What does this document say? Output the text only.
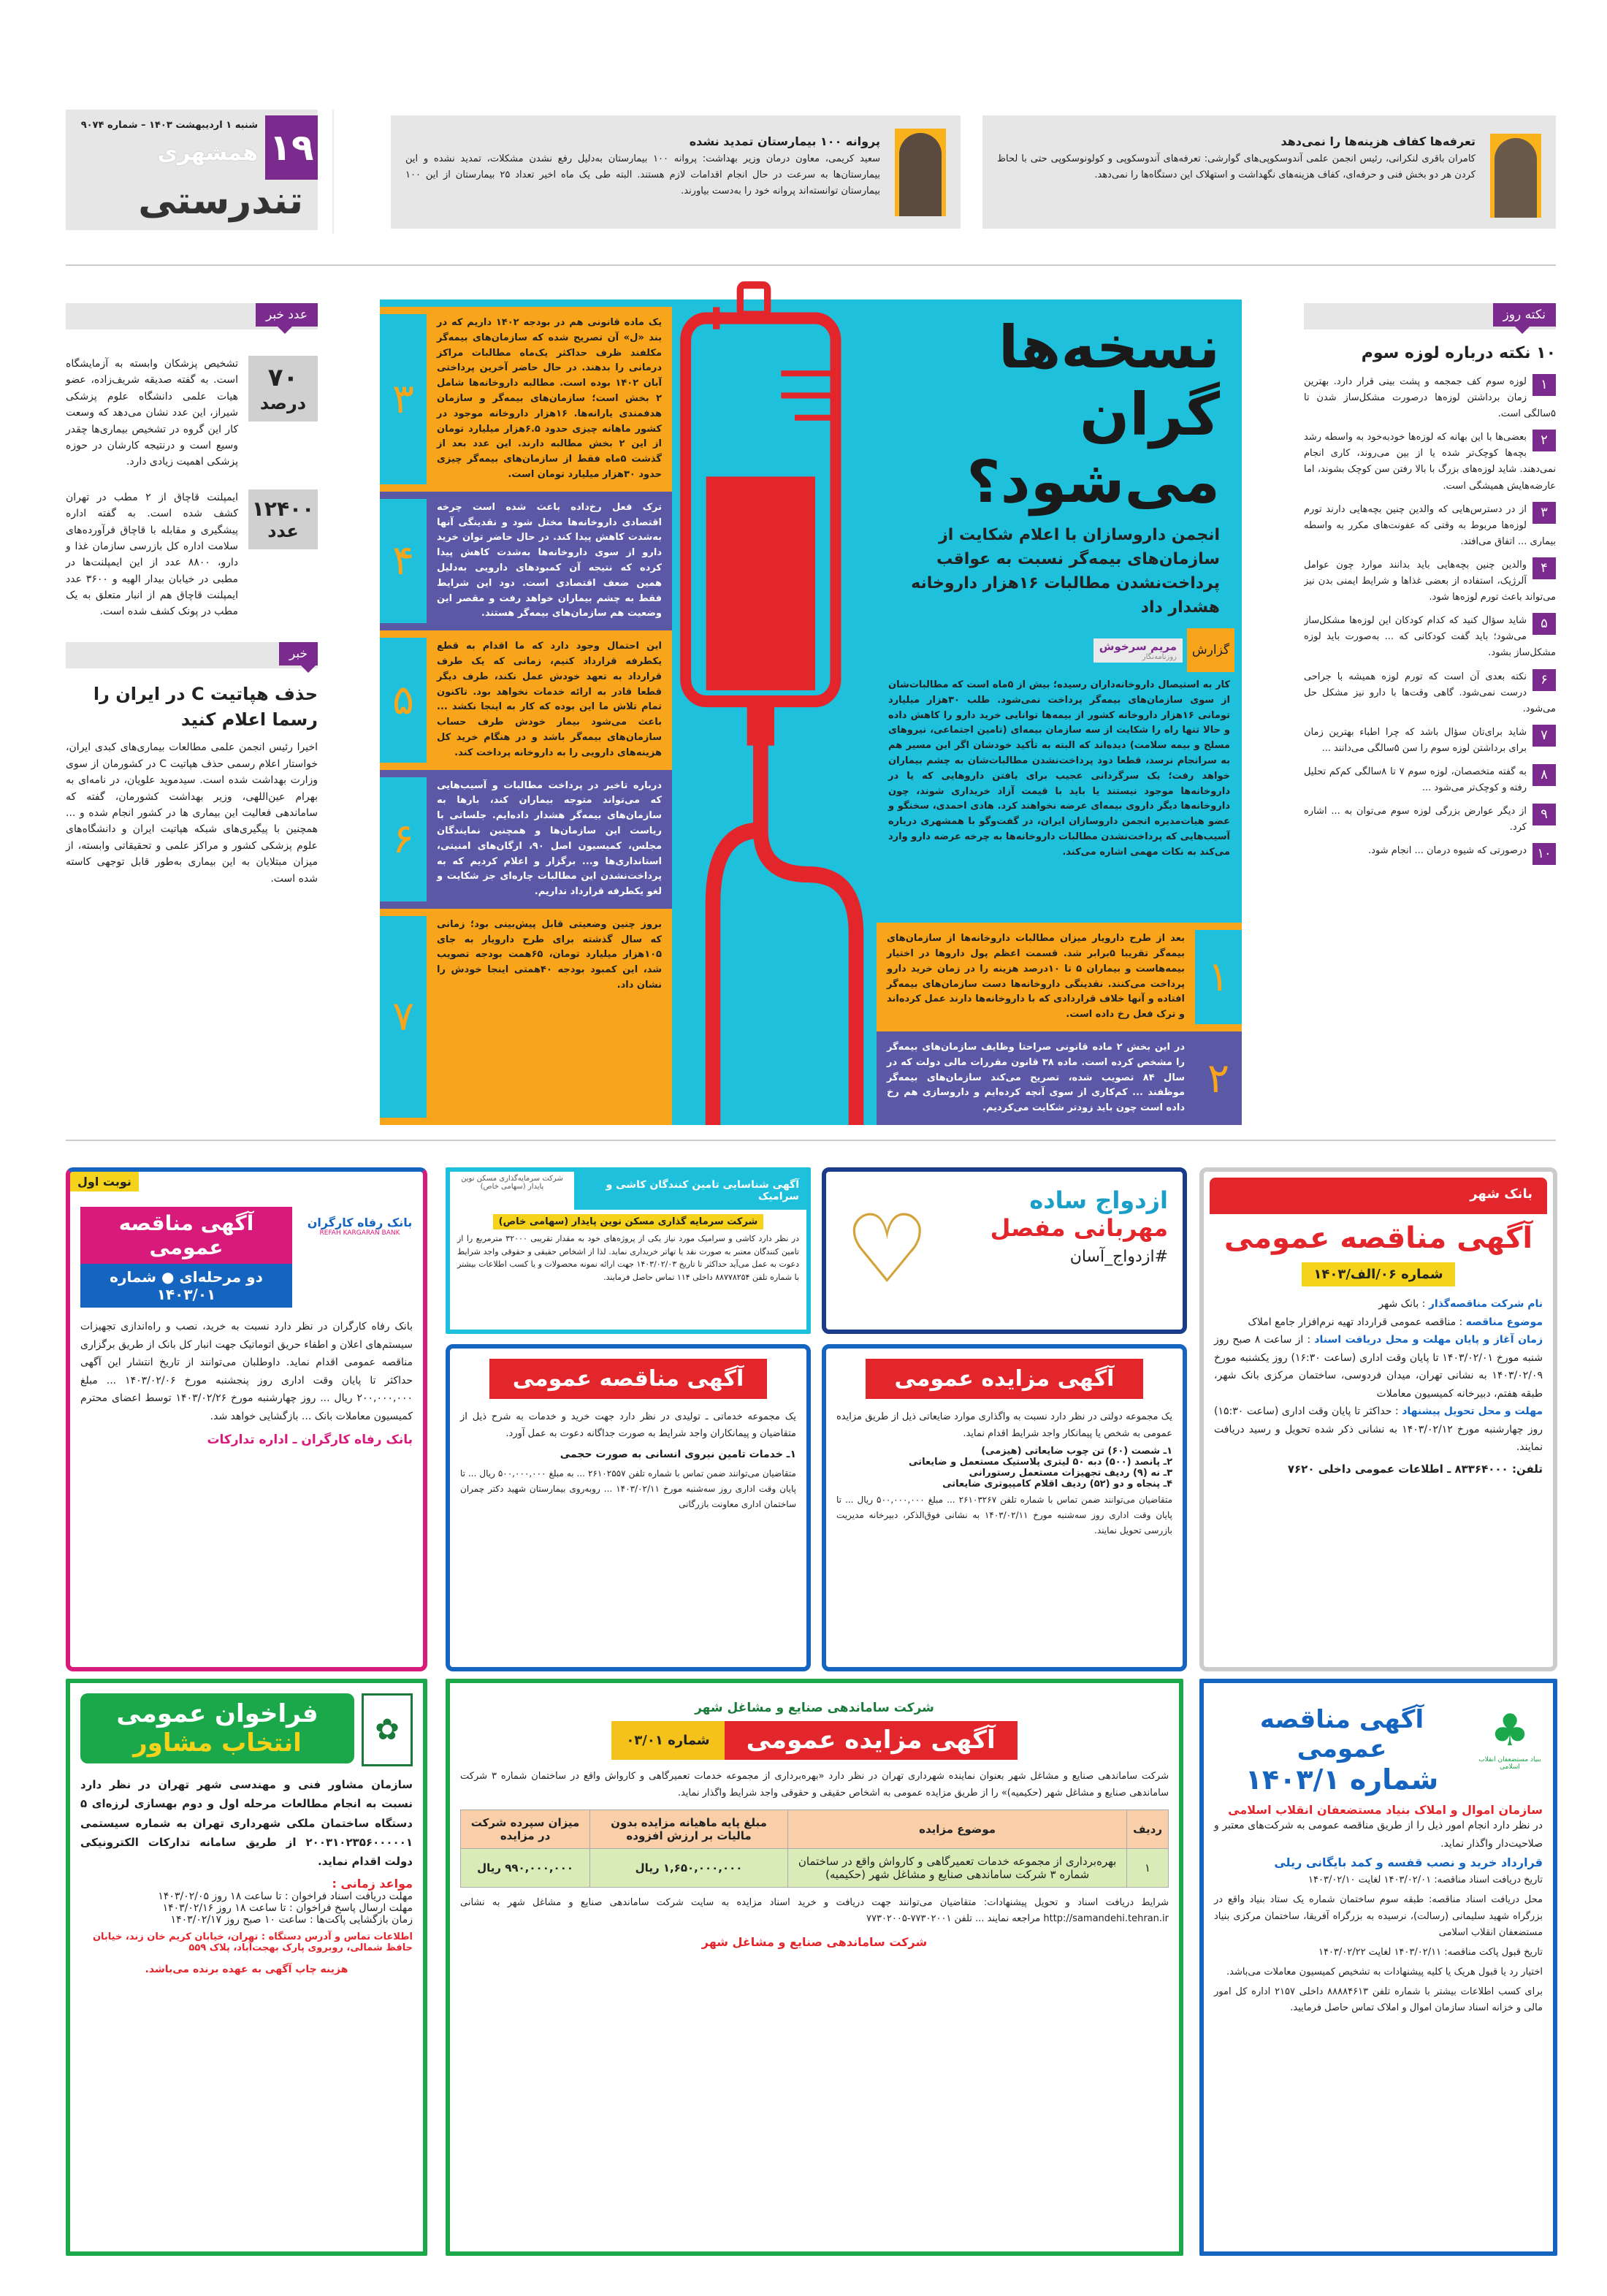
۱۹
شنبه ۱ اردیبهشت ۱۴۰۳ – شماره ۹۰۷۴
همشهری
تندرستی
پروانه ۱۰۰ بیمارستان تمدید نشده
سعید کریمی، معاون درمان وزیر بهداشت: پروانه ۱۰۰ بیمارستان به‌دلیل رفع نشدن مشکلات، تمدید نشده و این بیمارستان‌ها به سرعت در حال انجام اقدامات لازم هستند. البته طی یک ماه اخیر تعداد ۲۵ بیمارستان از این ۱۰۰ بیمارستان توانسته‌اند پروانه خود را به‌دست بیاورند.
تعرفه‌ها کفاف هزینه‌ها را نمی‌دهد
کامران باقری لنکرانی، رئیس انجمن علمی آندوسکوپی‌های گوارشی: تعرفه‌های آندوسکوپی و کولونوسکوپی حتی با لحاظ کردن هر دو بخش فنی و حرفه‌ای، کفاف هزینه‌های نگهداشت و استهلاک این دستگاه‌ها را نمی‌دهد.
عدد خبر
۷۰
درصد
تشخیص پزشکان وابسته به آزمایشگاه است. به گفته صدیقه شریف‌زاده، عضو هیات علمی دانشگاه علوم پزشکی شیراز، این عدد نشان می‌دهد که وسعت کار این گروه در تشخیص بیماری‌ها چقدر وسیع است و درنتیجه کارشان در حوزه پزشکی اهمیت زیادی دارد.
۱۲۴۰۰
عدد
ایمپلنت قاچاق از ۲ مطب در تهران کشف شده است. به گفته اداره پیشگیری و مقابله با قاچاق فرآورده‌های سلامت اداره کل بازرسی سازمان غذا و دارو، ۸۸۰۰ عدد از این ایمپلنت‌ها در مطبی در خیابان بیدار الهیه و ۳۶۰۰ عدد ایمپلنت قاچاق هم از انبار متعلق به یک مطب در پونک کشف شده است.
خبر
حذف هپاتیت C در ایران را رسما اعلام کنید
اخیرا رئیس انجمن علمی مطالعات بیماری‌های کبدی ایران، خواستار اعلام رسمی حذف هپاتیت C در کشورمان از سوی وزارت بهداشت شده است. سیدموید علویان، در نامه‌ای به بهرام عین‌اللهی، وزیر بهداشت کشورمان، گفته که ساماندهی فعالیت این بیماری ها در کشور انجام شده و ... همچنین با پیگیری‌های شبکه هپاتیت ایران و دانشگاه‌های علوم پزشکی کشور و مراکز علمی و تحقیقاتی وابسته، از میزان مبتلایان به این بیماری به‌طور قابل توجهی کاسته شده است.
۳
یک ماده قانونی هم در بودجه ۱۴۰۲ داریم که در بند «ل» آن تصریح شده که سازمان‌های بیمه‌گر مکلفند ظرف حداکثر یک‌ماه مطالبات مراکز درمانی را بدهند. در حال حاضر آخرین پرداختی آبان ۱۴۰۲ بوده است. مطالبه داروخانه‌ها شامل ۲ بخش است؛ سازمان‌های بیمه‌گر و سازمان هدفمندی یارانه‌ها. ۱۶هزار داروخانه موجود در کشور ماهانه چیزی حدود ۶.۵هزار میلیارد تومان از این ۲ بخش مطالبه دارند. این عدد بعد از گذشت ۵ماه فقط از سازمان‌های بیمه‌گر چیزی حدود ۳۰هزار میلیارد تومان است.
۴
ترک فعل رخ‌داده باعث شده است چرخه اقتصادی داروخانه‌ها مختل شود و نقدینگی آنها به‌شدت کاهش پیدا کند. در حال حاضر توان خرید دارو از سوی داروخانه‌ها به‌شدت کاهش پیدا کرده که نتیجه آن کمبودهای دارویی به‌دلیل همین ضعف اقتصادی است. دود این شرایط فقط به چشم بیماران خواهد رفت و مقصر این وضعیت هم سازمان‌های بیمه‌گر هستند.
۵
این احتمال وجود دارد که ما اقدام به قطع یکطرفه قرارداد کنیم، زمانی که یک طرف قرارداد به تعهد خودش عمل نکند، طرف دیگر قطعا قادر به ارائه خدمات نخواهد بود. تاکنون تمام تلاش ما این بوده که کار به اینجا نکشد ... باعث می‌شود بیمار خودش طرف حساب سازمان‌های بیمه‌گر باشد و در هنگام خرید کل هزینه‌های دارویی را به داروخانه پرداخت کند.
۶
درباره تاخیر در پرداخت مطالبات و آسیب‌هایی که می‌تواند متوجه بیماران کند، بارها به سازمان‌های بیمه‌گر هشدار داده‌ایم. جلساتی با ریاست این سازمان‌ها و همچنین نمایندگان مجلس، کمیسیون اصل ۹۰، ارگان‌های امنیتی، استانداری‌ها و... برگزار و اعلام کردیم که به پرداخت‌نشدن این مطالبات چاره‌ای جز شکایت و لغو یکطرفه قرارداد نداریم.
۷
بروز چنین وضعیتی قابل پیش‌بینی بود؛ زمانی که سال گذشته برای طرح دارویار به جای ۱۰۵هزار میلیارد تومان، ۶۵همت بودجه تصویب شد، این کمبود بودجه ۴۰همتی اینجا خودش را نشان داد.
نسخه‌ها
گران می‌شود؟
انجمن داروسازان با اعلام شکایت از سازمان‌های بیمه‌گر نسبت به عواقب پرداخت‌نشدن مطالبات ۱۶هزار داروخانه هشدار داد
گزارش
مریم سرخوش
روزنامه‌نگار
کار به استیصال داروخانه‌داران رسیده؛ بیش از ۵ماه است که مطالبات‌شان از سوی سازمان‌های بیمه‌گر پرداخت نمی‌شود. طلب ۳۰هزار میلیارد تومانی ۱۶هزار داروخانه کشور از بیمه‌ها توانایی خرید دارو را کاهش داده و حالا تنها راه را شکایت از سه سازمان بیمه‌ای (تامین اجتماعی، نیروهای مسلح و بیمه سلامت) دیده‌اند که البته به تأکید خودشان اگر این مسیر هم به سرانجام نرسد، قطعا دود پرداخت‌نشدن مطالبات‌شان به چشم بیماران خواهد رفت؛ یک سرگردانی عجیب برای یافتن داروهایی که یا در داروخانه‌ها موجود نیستند یا باید با قیمت آزاد خریداری شوند، چون داروخانه‌ها دیگر داروی بیمه‌ای عرضه نخواهند کرد. هادی احمدی، سخنگو و عضو هیات‌مدیره انجمن داروسازان ایران، در گفت‌وگو با همشهری درباره آسیب‌هایی که پرداخت‌نشدن مطالبات داروخانه‌ها به چرخه عرضه دارو وارد می‌کند به نکات مهمی اشاره می‌کند.
۱
بعد از طرح دارویار میزان مطالبات داروخانه‌ها از سازمان‌های بیمه‌گر تقریبا ۵برابر شد. قسمت اعظم پول داروها در اختیار بیمه‌هاست و بیماران ۵ تا ۱۰درصد هزینه را در زمان خرید دارو پرداخت می‌کنند. نقدینگی داروخانه‌ها دست سازمان‌های بیمه‌گر افتاده و آنها خلاف قراردادی که با داروخانه‌ها دارند عمل کرده‌اند و ترک فعل رخ داده است.
۲
در این بخش ۲ ماده قانونی صراحتا وظایف سازمان‌های بیمه‌گر را مشخص کرده است. ماده ۳۸ قانون مقررات مالی دولت که در سال ۸۴ تصویب شده، تصریح می‌کند سازمان‌های بیمه‌گر موظفند ... کم‌کاری از سوی آنچه کرده‌ایم و داروسازی هم رخ داده است چون باید زودتر شکایت می‌کردیم.
نکته روز
۱۰ نکته درباره لوزه سوم
۱
لوزه سوم کف جمجمه و پشت بینی قرار دارد. بهترین زمان برداشتن لوزه‌ها درصورت مشکل‌ساز شدن تا ۵سالگی است.
۲
بعضی‌ها با این بهانه که لوزه‌ها خودبه‌خود به واسطه رشد بچه‌ها کوچک‌تر شده یا از بین می‌روند، کاری انجام نمی‌دهند. شاید لوزه‌های بزرگ با بالا رفتن سن کوچک بشوند، اما عارضه‌هایش همیشگی است.
۳
از در دسترس‌هایی که والدین چنین بچه‌هایی دارند تورم لوزه‌ها مربوط به وقتی که عفونت‌های مکرر به واسطه بیماری ... اتفاق می‌افتد.
۴
والدین چنین بچه‌هایی باید بدانند موارد چون عوامل آلرژیک، استفاده از بعضی غذاها و شرایط ایمنی بدن نیز می‌تواند باعث تورم لوزه‌ها شود.
۵
شاید سؤال کنید که کدام کودکان این لوزه‌ها مشکل‌ساز می‌شود؛ باید گفت کودکانی که ... به‌صورت باید لوزه مشکل‌ساز بشود.
۶
نکته بعدی آن است که تورم لوزه همیشه با جراحی درست نمی‌شود. گاهی وقت‌ها با دارو نیز مشکل حل می‌شود.
۷
شاید برای‌تان سؤال باشد که چرا اطباء بهترین زمان برای برداشتن لوزه سوم را سن ۵سالگی می‌دانند ...
۸
به گفته متخصصان، لوزه سوم ۷ تا ۸سالگی کم‌کم تحلیل رفته و کوچک‌تر می‌شود ...
۹
از دیگر عوارض بزرگی لوزه سوم می‌توان به ... اشاره کرد.
۱۰
درصورتی که شیوه درمان ... انجام شود.
نوبت اول
بانک رفاه کارگران
REFAH KARGARAN BANK
آگهی مناقصه عمومی
دو مرحله‌ای ● شماره ۱۴۰۳/۰۱
بانک رفاه کارگران در نظر دارد نسبت به خرید، نصب و راه‌اندازی تجهیزات سیستم‌های اعلان و اطفاء حریق اتوماتیک جهت انبار کل بانک از طریق برگزاری مناقصه عمومی اقدام نماید. داوطلبان می‌توانند از تاریخ انتشار این آگهی حداکثر تا پایان وقت اداری روز پنجشنبه مورخ ۱۴۰۳/۰۲/۰۶ ... مبلغ ۲۰۰,۰۰۰,۰۰۰ ریال ... روز چهارشنبه مورخ ۱۴۰۳/۰۲/۲۶ توسط اعضای محترم کمیسیون معاملات بانک ... بازگشایی خواهد شد.
بانک رفاه کارگران ـ اداره تدارکات
آگهی شناسایی تامین کنندگان کاشی و سرامیک
شرکت سرمایه‌گذاری مسکن نوین پایدار (سهامی خاص)
شرکت سرمایه گذاری مسکن نوین پایدار (سهامی خاص)
در نظر دارد کاشی و سرامیک مورد نیاز یکی از پروژه‌های خود به مقدار تقریبی ۳۲۰۰۰ مترمربع را از تامین کنندگان معتبر به صورت نقد یا تهاتر خریداری نماید. لذا از اشخاص حقیقی و حقوقی واجد شرایط دعوت به عمل می‌آید حداکثر تا تاریخ ۱۴۰۳/۰۲/۰۳ جهت ارائه نمونه محصولات و یا کسب اطلاعات بیشتر با شماره تلفن ۸۸۷۷۸۲۵۴ داخلی ۱۱۴ تماس حاصل فرمایند. ♡	ازدواج ساده
مهربانی مفصل
#ازدواج_آسان
آگهی مناقصه عمومی
یک مجموعه خدماتی ـ تولیدی در نظر دارد جهت خرید و خدمات به شرح ذیل از متقاضیان و پیمانکاران واجد شرایط به صورت جداگانه دعوت به عمل آورد.
۱ـ خدمات تامین نیروی انسانی به صورت حجمی
متقاضیان می‌توانند ضمن تماس با شماره تلفن ۲۶۱۰۲۵۵۷ ... به مبلغ ۵۰۰,۰۰۰,۰۰۰ ریال ... تا پایان وقت اداری روز سه‌شنبه مورخ ۱۴۰۳/۰۲/۱۱ ... روبه‌روی بیمارستان شهید دکتر چمران ساختمان اداری معاونت بازرگانی
آگهی مزایده عمومی
یک مجموعه دولتی در نظر دارد نسبت به واگذاری موارد ضایعاتی ذیل از طریق مزایده عمومی به شخص یا پیمانکار واجد شرایط اقدام نماید.
۱ـ شصت (۶۰) تن چوب ضایعاتی (هیزمی)
۲ـ پانصد (۵۰۰) دبه ۵۰ لیتری پلاستیک مستعمل و ضایعاتی
۳ـ نه (۹) ردیف تجهیزات مستعمل رستورانی
۴ـ پنجاه و دو (۵۲) ردیف اقلام کامپیوتری ضایعاتی
متقاضیان می‌توانند ضمن تماس با شماره تلفن ۲۶۱۰۳۲۶۷ ... مبلغ ۵۰۰,۰۰۰,۰۰۰ ریال ... تا پایان وقت اداری روز سه‌شنبه مورخ ۱۴۰۳/۰۲/۱۱ به نشانی فوق‌الذکر، دبیرخانه مدیریت بازرسی تحویل نمایند.
بانک شهر
آگهی مناقصه عمومی
شماره ۰۶/الف/۱۴۰۳
نام شرکت مناقصه‌گذار : بانک شهر
موضوع مناقصه : مناقصه عمومی قرارداد تهیه نرم‌افزار جامع املاک
زمان آغاز و پایان مهلت و محل دریافت اسناد : از ساعت ۸ صبح روز شنبه مورخ ۱۴۰۳/۰۲/۰۱ تا پایان وقت اداری (ساعت ۱۶:۳۰) روز یکشنبه مورخ ۱۴۰۳/۰۲/۰۹ به نشانی تهران، میدان فردوسی، ساختمان مرکزی بانک شهر، طبقه هفتم، دبیرخانه کمیسیون معاملات
مهلت و محل تحویل پیشنهاد : حداکثر تا پایان وقت اداری (ساعت ۱۵:۳۰) روز چهارشنبه مورخ ۱۴۰۳/۰۲/۱۲ به نشانی ذکر شده تحویل و رسید دریافت نمایند.
تلفن: ۸۳۳۶۴۰۰۰ ـ اطلاعات عمومی داخلی ۷۶۲۰
✿
فراخوان عمومی
انتخاب مشاور
سازمان مشاور فنی و مهندسی شهر تهران در نظر دارد نسبت به انجام مطالعات مرحله اول و دوم بهسازی لرزه‌ای ۵ دستگاه ساختمان ملکی شهرداری تهران به شماره سیستمی ۲۰۰۳۱۰۲۳۵۶۰۰۰۰۰۱ از طریق سامانه تدارکات الکترونیکی دولت اقدام نماید.
مواعد زمانی :
مهلت دریافت اسناد فراخوان : تا ساعت ۱۸ روز ۱۴۰۳/۰۲/۰۵
مهلت ارسال پاسخ فراخوان : تا ساعت ۱۸ روز ۱۴۰۳/۰۲/۱۶
زمان بازگشایی پاکت‌ها : ساعت ۱۰ صبح روز ۱۴۰۳/۰۲/۱۷
اطلاعات تماس و آدرس دستگاه : تهران، خیابان کریم خان زند، خیابان حافظ شمالی، روبروی پارک بهجت‌آباد، پلاک ۵۵۹
هزینه چاپ آگهی به عهده برنده می‌باشد.
شرکت ساماندهی صنایع و مشاغل شهر
آگهی مزایده عمومی
شماره ۰۳/۰۱
شرکت ساماندهی صنایع و مشاغل شهر بعنوان نماینده شهرداری تهران در نظر دارد «بهره‌برداری از مجموعه خدمات تعمیرگاهی و کارواش واقع در ساختمان شماره ۳ شرکت ساماندهی صنایع و مشاغل شهر (حکیمیه)» را از طریق مزایده عمومی به اشخاص حقیقی و حقوقی واجد شرایط واگذار نماید.
ردیف	موضوع مزایده	مبلغ پایه ماهیانه مزایده بدون مالیات بر ارزش افزوده	میزان سپرده شرکت در مزایده
۱	بهره‌برداری از مجموعه خدمات تعمیرگاهی و کارواش واقع در ساختمان شماره ۳ شرکت ساماندهی صنایع و مشاغل شهر (حکیمیه)	۱,۶۵۰,۰۰۰,۰۰۰ ریال	۹۹۰,۰۰۰,۰۰۰ ریال
شرایط دریافت اسناد و تحویل پیشنهادات: متقاضیان می‌توانند جهت دریافت و خرید اسناد مزایده به سایت شرکت ساماندهی صنایع و مشاغل شهر به نشانی http://samandehi.tehran.ir مراجعه نمایند ... تلفن ۷۷۳۰۲۰۰۱-۷۷۳۰۲۰۰۵
شرکت ساماندهی صنایع و مشاغل شهر
♣
بنیاد مستضعفان انقلاب اسلامی
آگهی مناقصه عمومی
شماره ۱۴۰۳/۱
سازمان اموال و املاک بنیاد مستضعفان انقلاب اسلامی
در نظر دارد انجام امور ذیل را از طریق مناقصه عمومی به شرکت‌های معتبر و صلاحیت‌دار واگذار نماید.
قرارداد خرید و نصب قفسه و کمد بایگانی ریلی
تاریخ دریافت اسناد مناقصه: ۱۴۰۳/۰۲/۰۱ لغایت ۱۴۰۳/۰۲/۱۰
محل دریافت اسناد مناقصه: طبقه سوم ساختمان شماره یک ستاد بنیاد واقع در بزرگراه شهید سلیمانی (رسالت)، نرسیده به بزرگراه آفریقا، ساختمان مرکزی بنیاد مستضعفان انقلاب اسلامی
تاریخ قبول پاکت مناقصه: ۱۴۰۳/۰۲/۱۱ لغایت ۱۴۰۳/۰۲/۲۲
اختیار رد یا قبول هریک یا کلیه پیشنهادات به تشخیص کمیسیون معاملات می‌باشد.
برای کسب اطلاعات بیشتر با شماره تلفن ۸۸۸۸۴۶۱۳ داخلی ۲۱۵۷ اداره کل امور مالی و خزانه اسناد سازمان اموال و املاک تماس حاصل فرمایید.
